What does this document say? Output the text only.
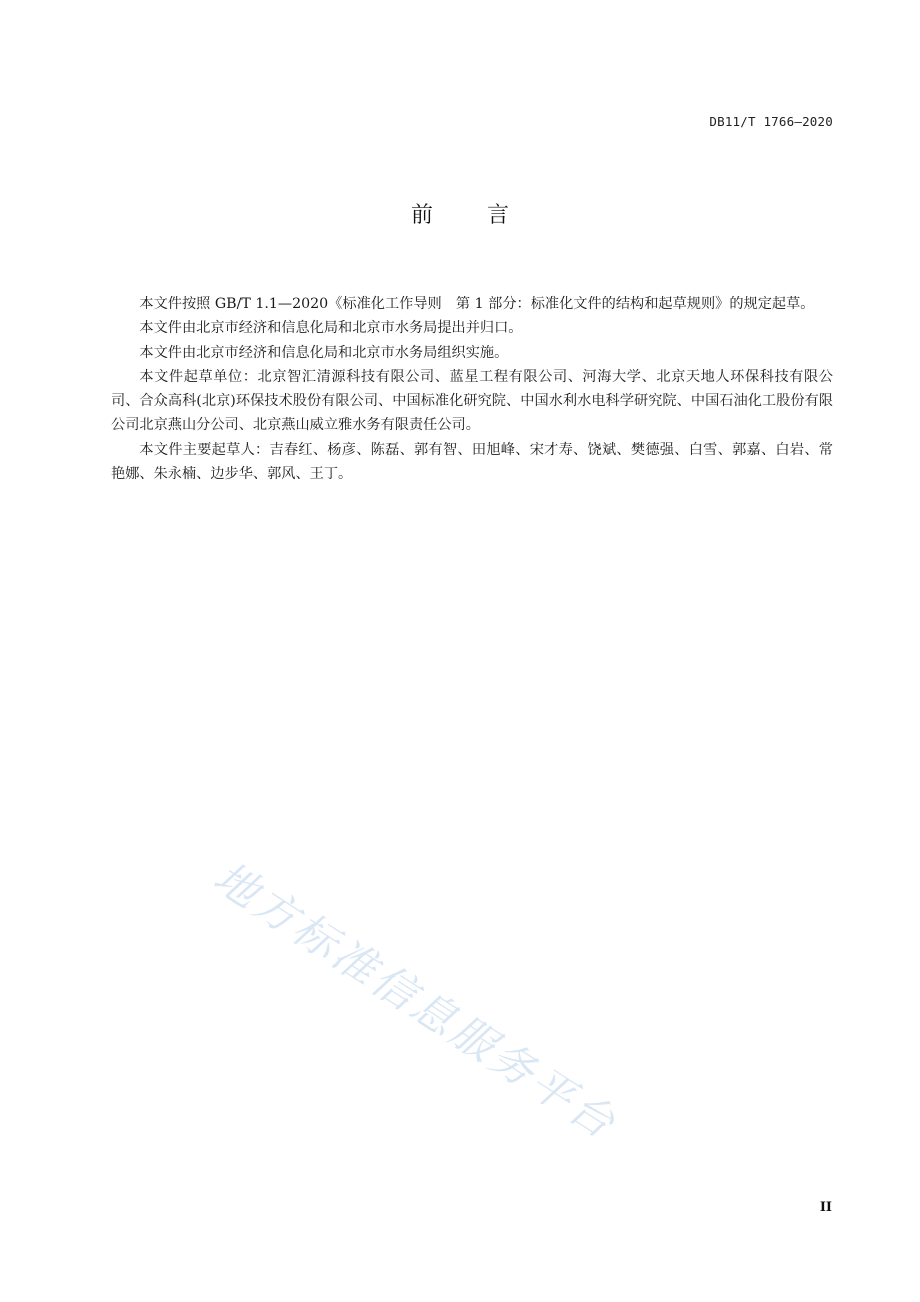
DB11/T 1766—2020
前言

本文件按照 GB/T 1.1—2020《标准化工作导则　第 1 部分：标准化文件的结构和起草规则》的规定起草。

本文件由北京市经济和信息化局和北京市水务局提出并归口。

本文件由北京市经济和信息化局和北京市水务局组织实施。

本文件起草单位：北京智汇清源科技有限公司、蓝星工程有限公司、河海大学、北京天地人环保科技有限公司、合众高科(北京)环保技术股份有限公司、中国标准化研究院、中国水利水电科学研究院、中国石油化工股份有限公司北京燕山分公司、北京燕山威立雅水务有限责任公司。

本文件主要起草人：吉春红、杨彦、陈磊、郭有智、田旭峰、宋才寿、饶斌、樊德强、白雪、郭嘉、白岩、常艳娜、朱永楠、边步华、郭风、王丁。

地方标准信息服务平台
II
